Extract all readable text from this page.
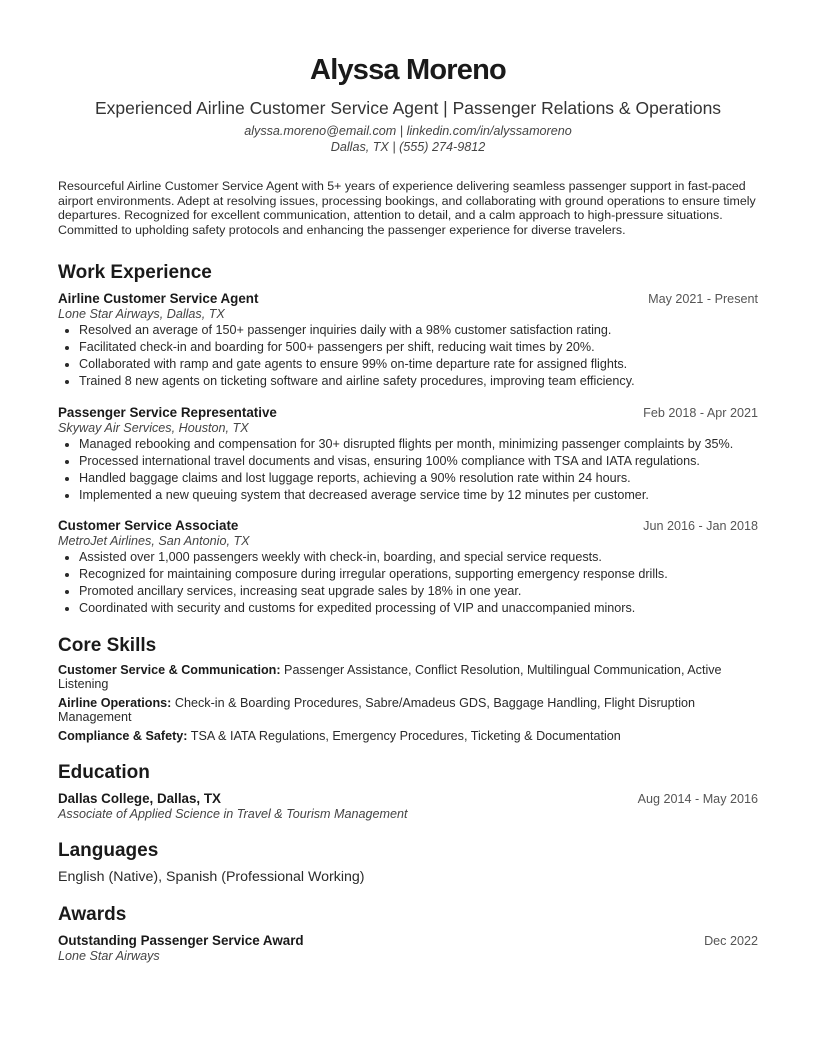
Alyssa Moreno
Experienced Airline Customer Service Agent | Passenger Relations & Operations
alyssa.moreno@email.com | linkedin.com/in/alyssamoreno
Dallas, TX | (555) 274-9812
Resourceful Airline Customer Service Agent with 5+ years of experience delivering seamless passenger support in fast-paced airport environments. Adept at resolving issues, processing bookings, and collaborating with ground operations to ensure timely departures. Recognized for excellent communication, attention to detail, and a calm approach to high-pressure situations. Committed to upholding safety protocols and enhancing the passenger experience for diverse travelers.
Work Experience
Airline Customer Service Agent	May 2021 - Present
Lone Star Airways, Dallas, TX
• Resolved an average of 150+ passenger inquiries daily with a 98% customer satisfaction rating.
• Facilitated check-in and boarding for 500+ passengers per shift, reducing wait times by 20%.
• Collaborated with ramp and gate agents to ensure 99% on-time departure rate for assigned flights.
• Trained 8 new agents on ticketing software and airline safety procedures, improving team efficiency.
Passenger Service Representative	Feb 2018 - Apr 2021
Skyway Air Services, Houston, TX
• Managed rebooking and compensation for 30+ disrupted flights per month, minimizing passenger complaints by 35%.
• Processed international travel documents and visas, ensuring 100% compliance with TSA and IATA regulations.
• Handled baggage claims and lost luggage reports, achieving a 90% resolution rate within 24 hours.
• Implemented a new queuing system that decreased average service time by 12 minutes per customer.
Customer Service Associate	Jun 2016 - Jan 2018
MetroJet Airlines, San Antonio, TX
• Assisted over 1,000 passengers weekly with check-in, boarding, and special service requests.
• Recognized for maintaining composure during irregular operations, supporting emergency response drills.
• Promoted ancillary services, increasing seat upgrade sales by 18% in one year.
• Coordinated with security and customs for expedited processing of VIP and unaccompanied minors.
Core Skills
Customer Service & Communication: Passenger Assistance, Conflict Resolution, Multilingual Communication, Active Listening
Airline Operations: Check-in & Boarding Procedures, Sabre/Amadeus GDS, Baggage Handling, Flight Disruption Management
Compliance & Safety: TSA & IATA Regulations, Emergency Procedures, Ticketing & Documentation
Education
Dallas College, Dallas, TX	Aug 2014 - May 2016
Associate of Applied Science in Travel & Tourism Management
Languages
English (Native), Spanish (Professional Working)
Awards
Outstanding Passenger Service Award	Dec 2022
Lone Star Airways
